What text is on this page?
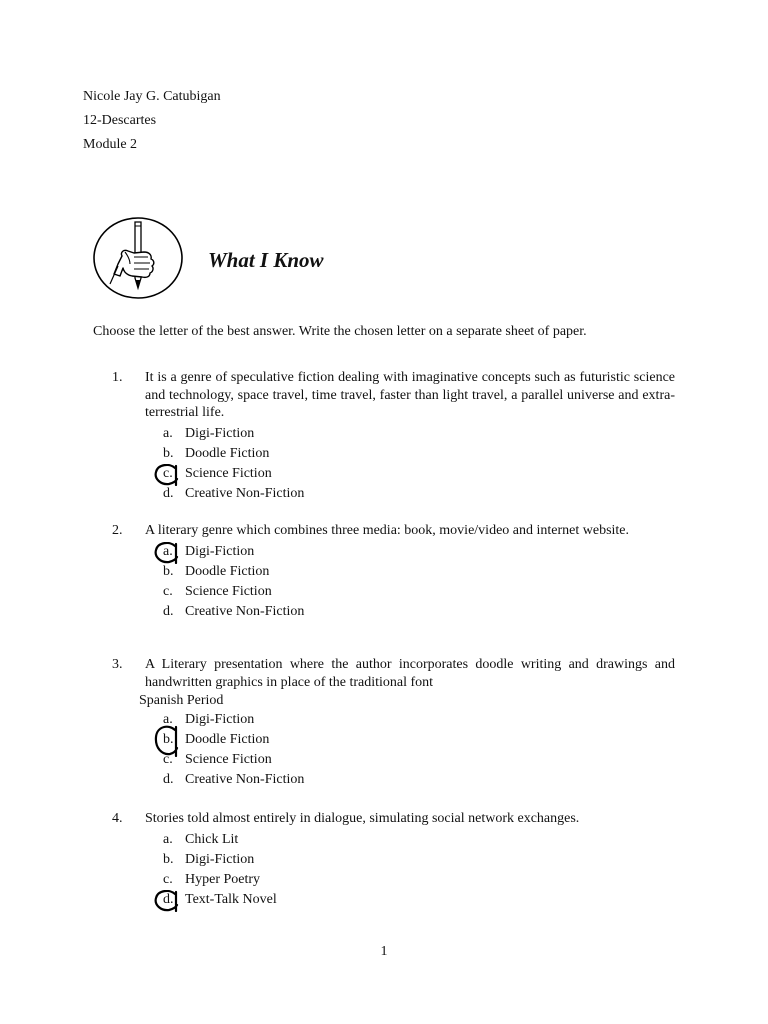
Nicole Jay G. Catubigan
12-Descartes
Module 2
What I Know
Choose the letter of the best answer. Write the chosen letter on a separate sheet of paper.
1.	It is a genre of speculative fiction dealing with imaginative concepts such as futuristic science and technology, space travel, time travel, faster than light travel, a parallel universe and extra-terrestrial life.
a. Digi-Fiction
b. Doodle Fiction
c. Science Fiction
d. Creative Non-Fiction
2.	A literary genre which combines three media: book, movie/video and internet website.
a. Digi-Fiction
b. Doodle Fiction
c. Science Fiction
d. Creative Non-Fiction
3.	A Literary presentation where the author incorporates doodle writing and drawings and handwritten graphics in place of the traditional font
Spanish Period
a. Digi-Fiction
b. Doodle Fiction
c. Science Fiction
d. Creative Non-Fiction
4.	Stories told almost entirely in dialogue, simulating social network exchanges.
a. Chick Lit
b. Digi-Fiction
c. Hyper Poetry
d. Text-Talk Novel
1
